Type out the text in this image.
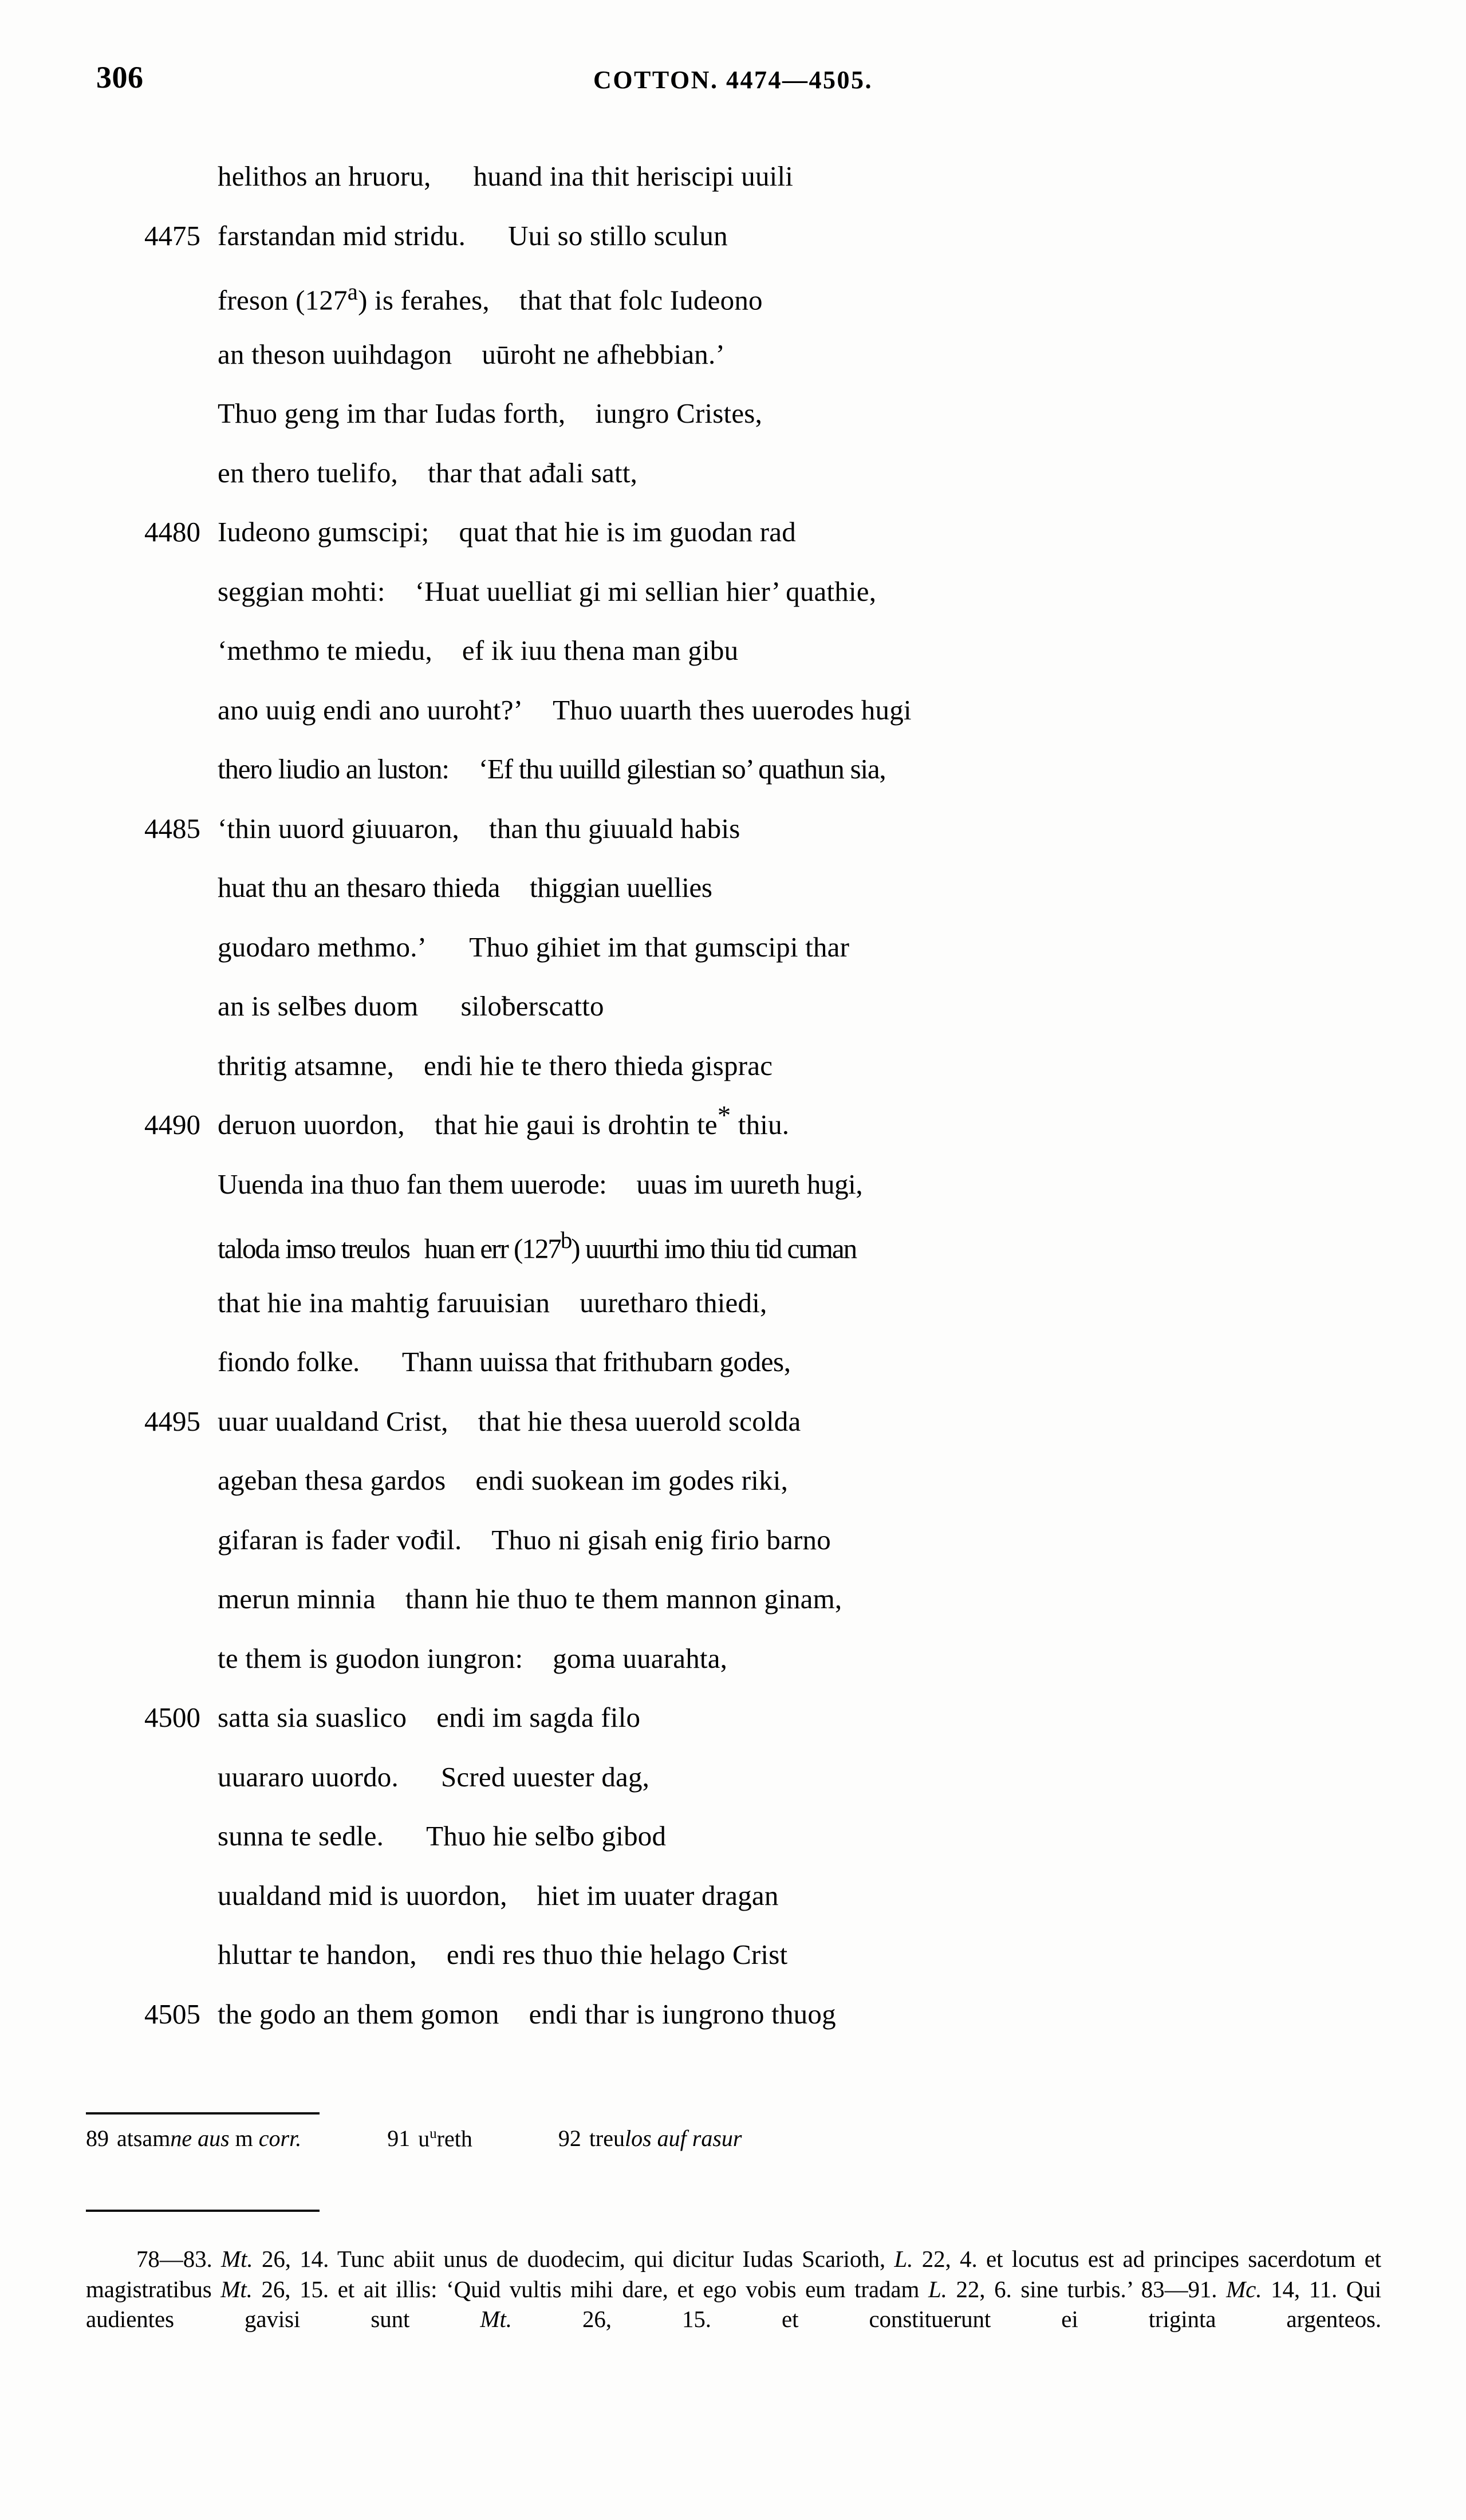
306	COTTON. 4474—4505.
helithos an hruoru, huand ina thit heriscipi uuili
4475 farstandan mid stridu. Uui so stillo sculun
freson (127$^a$) is ferahes, that that folc Iudeono
an theson uuihdagon uūroht ne afhebbian.’
Thuo geng im thar Iudas forth, iungro Cristes,
en thero tuelifo, thar that ađali satt,
4480 Iudeono gumscipi; quat that hie is im guodan rad
seggian mohti: ‘Huat uuelliat gi mi sellian hier’ quathie,
‘methmo te miedu, ef ik iuu thena man gibu
ano uuig endi ano uuroht?’ Thuo uuarth thes uuerodes hugi
thero liudio an luston: ‘Ef thu uuilld gilestian so’ quathun sia,
4485 ‘thin uuord giuuaron, than thu giuuald habis
huat thu an thesaro thieda thiggian uuellies
guodaro methmo.’ Thuo gihiet im that gumscipi thar
an is selƀes duom siloƀerscatto
thritig atsamne, endi hie te thero thieda gisprac
4490 deruon uuordon, that hie gaui is drohtin te* thiu.
Uuenda ina thuo fan them uuerode: uuas im uureth hugi,
taloda imso treulos huan err (127$^b$) uuurthi imo thiu tid cuman
that hie ina mahtig faruuisian uuretharo thiedi,
fiondo folke. Thann uuissa that frithubarn godes,
4495 uuar uualdand Crist, that hie thesa uuerold scolda
ageban thesa gardos endi suokean im godes riki,
gifaran is fader vođil. Thuo ni gisah enig firio barno
merun minnia thann hie thuo te them mannon ginam,
te them is guodon iungron: goma uuarahta,
4500 satta sia suaslico endi im sagda filo
uuararo uuordo. Scred uuester dag,
sunna te sedle. Thuo hie selƀo gibod
uualdand mid is uuordon, hiet im uuater dragan
hluttar te handon, endi res thuo thie helago Crist
4505 the godo an them gomon endi thar is iungrono thuog
89 atsamne aus m corr.	91 $u^ureth$	92 treulos auf rasur
78—83. Mt. 26, 14. Tunc abiit unus de duodecim, qui dicitur Iudas Scarioth, L. 22, 4. et locutus est ad principes sacerdotum et magistratibus Mt. 26, 15. et ait illis: ‘Quid vultis mihi dare, et ego vobis eum tradam L. 22, 6. sine turbis.’ 83—91. Mc. 14, 11. Qui audientes gavisi sunt Mt. 26, 15. et constituerunt ei triginta argenteos.
